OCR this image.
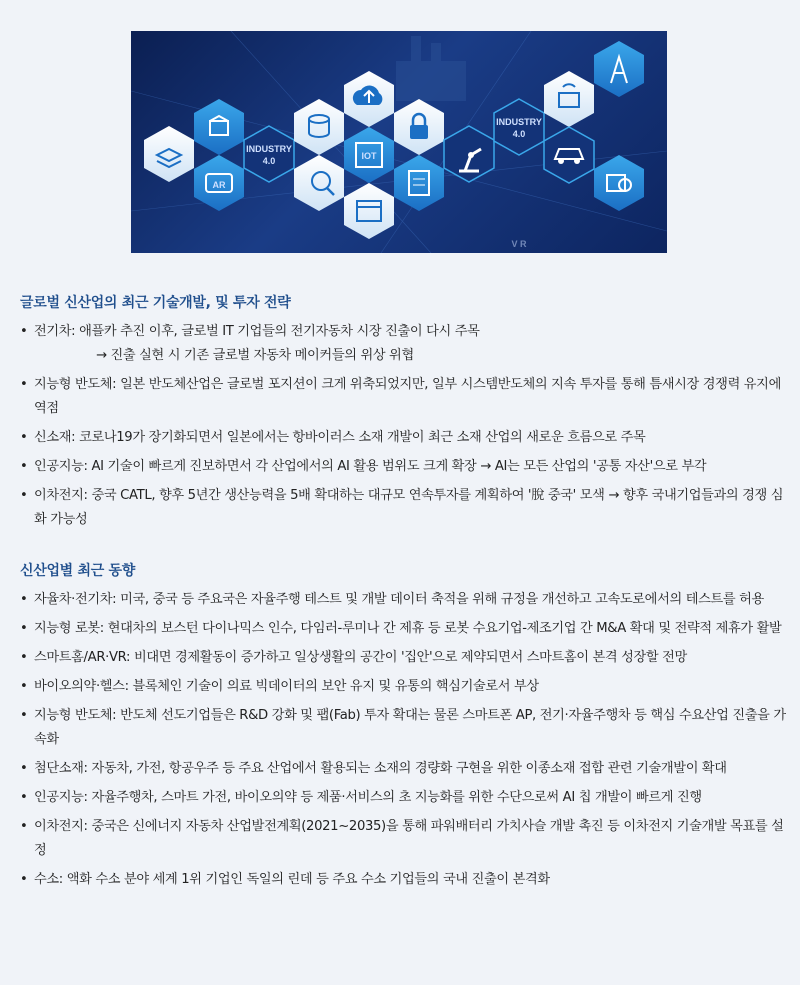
AR
INDUSTRY
4.0	IOT
INDUSTRY
4.0
V R
글로벌 신산업의 최근 기술개발, 및 투자 전략
• 전기차: 애플카 추진 이후, 글로벌 IT 기업들의 전기자동차 시장 진출이 다시 주목
→ 진출 실현 시 기존 글로벌 자동차 메이커들의 위상 위협
• 지능형 반도체: 일본 반도체산업은 글로벌 포지션이 크게 위축되었지만, 일부 시스템반도체의 지속 투자를 통해 틈새시장 경쟁력 유지에 역점
• 신소재: 코로나19가 장기화되면서 일본에서는 항바이러스 소재 개발이 최근 소재 산업의 새로운 흐름으로 주목
• 인공지능: AI 기술이 빠르게 진보하면서 각 산업에서의 AI 활용 범위도 크게 확장 → AI는 모든 산업의 '공통 자산'으로 부각
• 이차전지: 중국 CATL, 향후 5년간 생산능력을 5배 확대하는 대규모 연속투자를 계획하여 '脫 중국' 모색 → 향후 국내기업들과의 경쟁 심화 가능성
신산업별 최근 동향
• 자율차·전기차: 미국, 중국 등 주요국은 자율주행 테스트 및 개발 데이터 축적을 위해 규정을 개선하고 고속도로에서의 테스트를 허용
• 지능형 로봇: 현대차의 보스턴 다이나믹스 인수, 다임러-루미나 간 제휴 등 로봇 수요기업-제조기업 간 M&A 확대 및 전략적 제휴가 활발
• 스마트홈/AR·VR: 비대면 경제활동이 증가하고 일상생활의 공간이 '집안'으로 제약되면서 스마트홈이 본격 성장할 전망
• 바이오의약·헬스: 블록체인 기술이 의료 빅데이터의 보안 유지 및 유통의 핵심기술로서 부상
• 지능형 반도체: 반도체 선도기업들은 R&D 강화 및 팹(Fab) 투자 확대는 물론 스마트폰 AP, 전기·자율주행차 등 핵심 수요산업 진출을 가속화
• 첨단소재: 자동차, 가전, 항공우주 등 주요 산업에서 활용되는 소재의 경량화 구현을 위한 이종소재 접합 관련 기술개발이 확대
• 인공지능: 자율주행차, 스마트 가전, 바이오의약 등 제품·서비스의 초 지능화를 위한 수단으로써 AI 칩 개발이 빠르게 진행
• 이차전지: 중국은 신에너지 자동차 산업발전계획(2021~2035)을 통해 파워배터리 가치사슬 개발 촉진 등 이차전지 기술개발 목표를 설정
• 수소: 액화 수소 분야 세계 1위 기업인 독일의 린데 등 주요 수소 기업들의 국내 진출이 본격화
